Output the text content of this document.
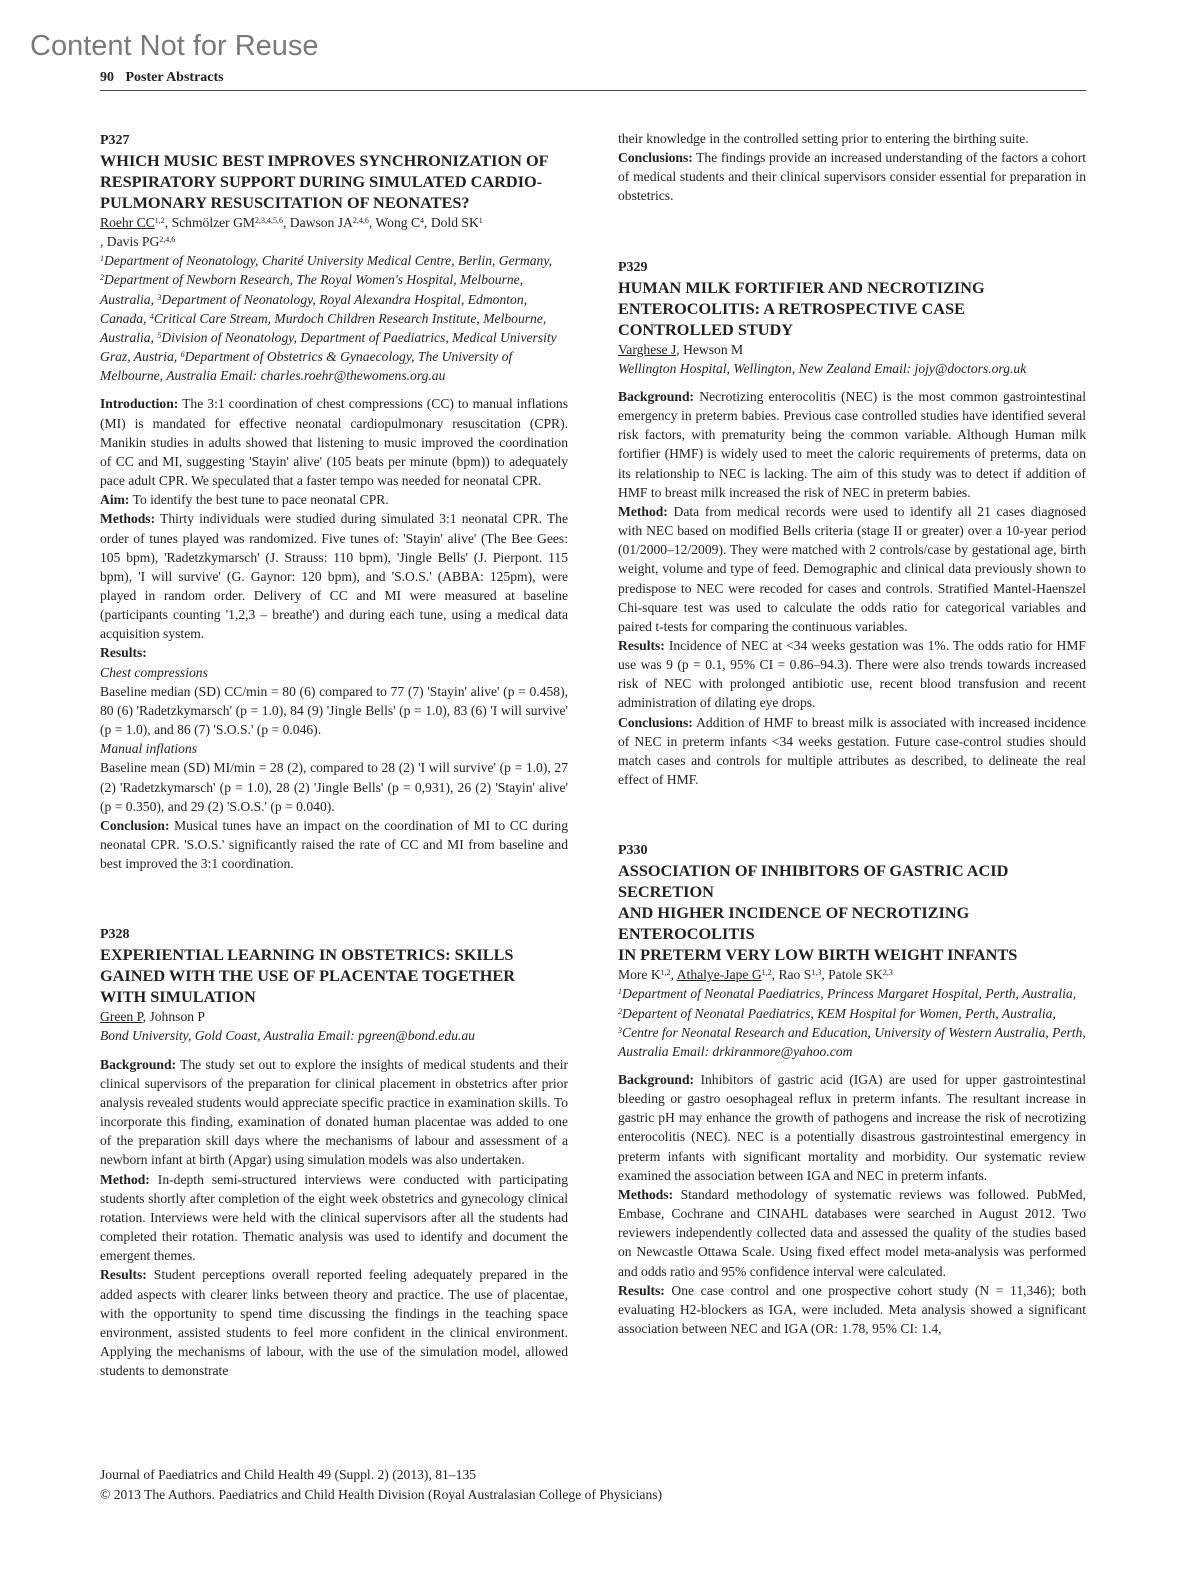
Content Not for Reuse
90 Poster Abstracts
P327
WHICH MUSIC BEST IMPROVES SYNCHRONIZATION OF
RESPIRATORY SUPPORT DURING SIMULATED CARDIO-
PULMONARY RESUSCITATION OF NEONATES?
Roehr CC$^{1,2}$, Schmölzer GM$^{2,3,4,5,6}$, Dawson JA$^{2,4,6}$, Wong $C^4$, Dold $SK^1$
, Davis PG$^{2,4,6}$
$^1$Department of Neonatology, Charité University Medical Centre, Berlin, Germany, $^2$Department of Newborn Research, The Royal Women's Hospital, Melbourne, Australia, $^3$Department of Neonatology, Royal Alexandra Hospital, Edmonton, Canada, $^4$Critical Care Stream, Murdoch Children Research Institute, Melbourne, Australia, $^5$Division of Neonatology, Department of Paediatrics, Medical University Graz, Austria, $^6$Department of Obstetrics & Gynaecology, The University of Melbourne, Australia Email: charles.roehr@thewomens.org.au
Introduction: The 3:1 coordination of chest compressions (CC) to manual inflations (MI) is mandated for effective neonatal cardiopulmonary resuscitation (CPR). Manikin studies in adults showed that listening to music improved the coordination of CC and MI, suggesting 'Stayin' alive' (105 beats per minute (bpm)) to adequately pace adult CPR. We speculated that a faster tempo was needed for neonatal CPR.
Aim: To identify the best tune to pace neonatal CPR.
Methods: Thirty individuals were studied during simulated 3:1 neonatal CPR. The order of tunes played was randomized. Five tunes of: 'Stayin' alive' (The Bee Gees: 105 bpm), 'Radetzkymarsch' (J. Strauss: 110 bpm), 'Jingle Bells' (J. Pierpont. 115 bpm), 'I will survive' (G. Gaynor: 120 bpm), and 'S.O.S.' (ABBA: 125pm), were played in random order. Delivery of CC and MI were measured at baseline (participants counting '1,2,3 – breathe') and during each tune, using a medical data acquisition system.
Results:
Chest compressions
Baseline median (SD) CC/min = 80 (6) compared to 77 (7) 'Stayin' alive' (p = 0.458), 80 (6) 'Radetzkymarsch' (p = 1.0), 84 (9) 'Jingle Bells' (p = 1.0), 83 (6) 'I will survive' (p = 1.0), and 86 (7) 'S.O.S.' (p = 0.046).
Manual inflations
Baseline mean (SD) MI/min = 28 (2), compared to 28 (2) 'I will survive' (p = 1.0), 27 (2) 'Radetzkymarsch' (p = 1.0), 28 (2) 'Jingle Bells' (p = 0,931), 26 (2) 'Stayin' alive' (p = 0.350), and 29 (2) 'S.O.S.' (p = 0.040).
Conclusion: Musical tunes have an impact on the coordination of MI to CC during neonatal CPR. 'S.O.S.' significantly raised the rate of CC and MI from baseline and best improved the 3:1 coordination.
P328
EXPERIENTIAL LEARNING IN OBSTETRICS: SKILLS
GAINED WITH THE USE OF PLACENTAE TOGETHER
WITH SIMULATION
Green P, Johnson P
Bond University, Gold Coast, Australia Email: pgreen@bond.edu.au
Background: The study set out to explore the insights of medical students and their clinical supervisors of the preparation for clinical placement in obstetrics after prior analysis revealed students would appreciate specific practice in examination skills. To incorporate this finding, examination of donated human placentae was added to one of the preparation skill days where the mechanisms of labour and assessment of a newborn infant at birth (Apgar) using simulation models was also undertaken.
Method: In-depth semi-structured interviews were conducted with participating students shortly after completion of the eight week obstetrics and gynecology clinical rotation. Interviews were held with the clinical supervisors after all the students had completed their rotation. Thematic analysis was used to identify and document the emergent themes.
Results: Student perceptions overall reported feeling adequately prepared in the added aspects with clearer links between theory and practice. The use of placentae, with the opportunity to spend time discussing the findings in the teaching space environment, assisted students to feel more confident in the clinical environment. Applying the mechanisms of labour, with the use of the simulation model, allowed students to demonstrate
their knowledge in the controlled setting prior to entering the birthing suite.
Conclusions: The findings provide an increased understanding of the factors a cohort of medical students and their clinical supervisors consider essential for preparation in obstetrics.
P329
HUMAN MILK FORTIFIER AND NECROTIZING
ENTEROCOLITIS: A RETROSPECTIVE CASE
CONTROLLED STUDY
Varghese J, Hewson M
Wellington Hospital, Wellington, New Zealand Email: jojy@doctors.org.uk
Background: Necrotizing enterocolitis (NEC) is the most common gastrointestinal emergency in preterm babies. Previous case controlled studies have identified several risk factors, with prematurity being the common variable. Although Human milk fortifier (HMF) is widely used to meet the caloric requirements of preterms, data on its relationship to NEC is lacking. The aim of this study was to detect if addition of HMF to breast milk increased the risk of NEC in preterm babies.
Method: Data from medical records were used to identify all 21 cases diagnosed with NEC based on modified Bells criteria (stage II or greater) over a 10-year period (01/2000–12/2009). They were matched with 2 controls/case by gestational age, birth weight, volume and type of feed. Demographic and clinical data previously shown to predispose to NEC were recoded for cases and controls. Stratified Mantel-Haenszel Chi-square test was used to calculate the odds ratio for categorical variables and paired t-tests for comparing the continuous variables.
Results: Incidence of NEC at <34 weeks gestation was 1%. The odds ratio for HMF use was 9 (p = 0.1, 95% CI = 0.86–94.3). There were also trends towards increased risk of NEC with prolonged antibiotic use, recent blood transfusion and recent administration of dilating eye drops.
Conclusions: Addition of HMF to breast milk is associated with increased incidence of NEC in preterm infants <34 weeks gestation. Future case-control studies should match cases and controls for multiple attributes as described, to delineate the real effect of HMF.
P330
ASSOCIATION OF INHIBITORS OF GASTRIC ACID SECRETION
AND HIGHER INCIDENCE OF NECROTIZING ENTEROCOLITIS
IN PRETERM VERY LOW BIRTH WEIGHT INFANTS
More K$^{1,2}$, Athalye-Jape G$^{1,2}$, Rao S$^{1,3}$, Patole SK$^{2,3}$
$^1$Department of Neonatal Paediatrics, Princess Margaret Hospital, Perth, Australia, $^2$Departent of Neonatal Paediatrics, KEM Hospital for Women, Perth, Australia, $^3$Centre for Neonatal Research and Education, University of Western Australia, Perth, Australia Email: drkiranmore@yahoo.com
Background: Inhibitors of gastric acid (IGA) are used for upper gastrointestinal bleeding or gastro oesophageal reflux in preterm infants. The resultant increase in gastric pH may enhance the growth of pathogens and increase the risk of necrotizing enterocolitis (NEC). NEC is a potentially disastrous gastrointestinal emergency in preterm infants with significant mortality and morbidity. Our systematic review examined the association between IGA and NEC in preterm infants.
Methods: Standard methodology of systematic reviews was followed. PubMed, Embase, Cochrane and CINAHL databases were searched in August 2012. Two reviewers independently collected data and assessed the quality of the studies based on Newcastle Ottawa Scale. Using fixed effect model meta-analysis was performed and odds ratio and 95% confidence interval were calculated.
Results: One case control and one prospective cohort study (N = 11,346); both evaluating H2-blockers as IGA, were included. Meta analysis showed a significant association between NEC and IGA (OR: 1.78, 95% CI: 1.4,
Journal of Paediatrics and Child Health 49 (Suppl. 2) (2013), 81–135
© 2013 The Authors. Paediatrics and Child Health Division (Royal Australasian College of Physicians)
